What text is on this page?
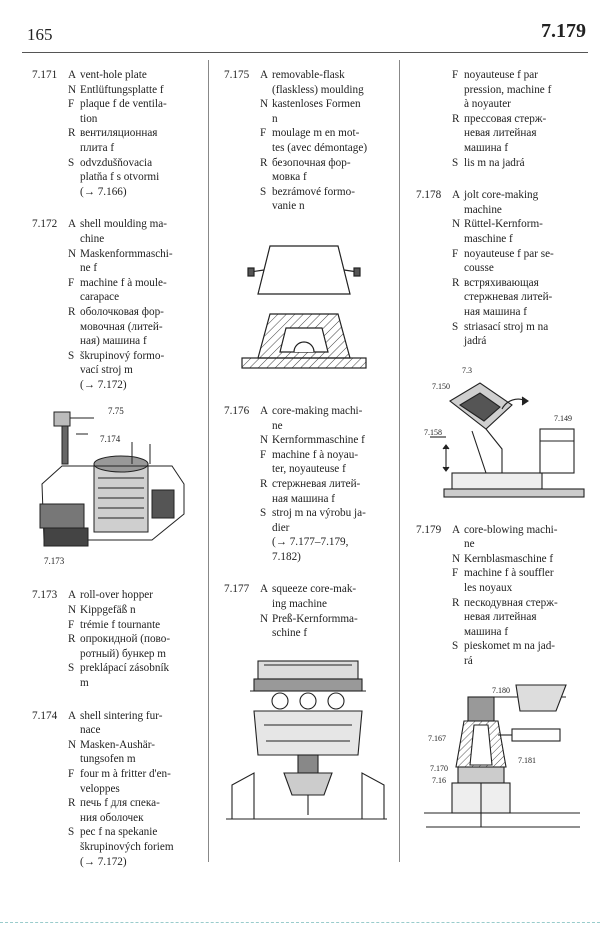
165	7.179
7.171 A vent-hole plate
N Entlüftungsplatte f
F plaque f de ventila-
tion
R вентиляционная
плита f
S odvzdušňovacia
platňa f s otvormi
(→ 7.166)
7.172 A shell moulding ma-
chine
N Maskenformmaschi-
ne f
F machine f à moule-
carapace
R оболочковая фор-
мовочная (литей-
ная) машина f
S škrupinový formo-
vací stroj m
(→ 7.172)
7.75
7.174
7.173
7.173 A roll-over hopper
N Kippgefäß n
F trémie f tournante
R опрокидной (пово-
ротный) бункер m
S preklápací zásobník
m
7.174 A shell sintering fur-
nace
N Masken-Aushär-
tungsofen m
F four m à fritter d'en-
veloppes
R печь f для спека-
ния оболочек
S pec f na spekanie
škrupinových foriem
(→ 7.172)
7.175 A removable-flask
(flaskless) moulding
N kastenloses Formen
n
F moulage m en mot-
tes (avec démontage)
R безопочная фор-
мовка f
S bezrámové formo-
vanie n
7.176 A core-making machi-
ne
N Kernformmaschine f
F machine f à noyau-
ter, noyauteuse f
R стержневая литей-
ная машина f
S stroj m na výrobu ja-
dier
(→ 7.177–7.179,
7.182)
7.177 A squeeze core-mak-
ing machine
N Preß-Kernformma-
schine f
F noyauteuse f par
pression, machine f
à noyauter
R прессовая стерж-
невая литейная
машина f
S lis m na jadrá
7.178 A jolt core-making
machine
N Rüttel-Kernform-
maschine f
F noyauteuse f par se-
cousse
R встряхивающая
стержневая литей-
ная машина f
S striasací stroj m na
jadrá
7.3
7.150
7.149
7.158
7.179 A core-blowing machi-
ne
N Kernblasmaschine f
F machine f à souffler
les noyaux
R пескодувная стерж-
невая литейная
машина f
S pieskomet m na jad-
rá
7.180
7.167
7.181
7.170
7.16
